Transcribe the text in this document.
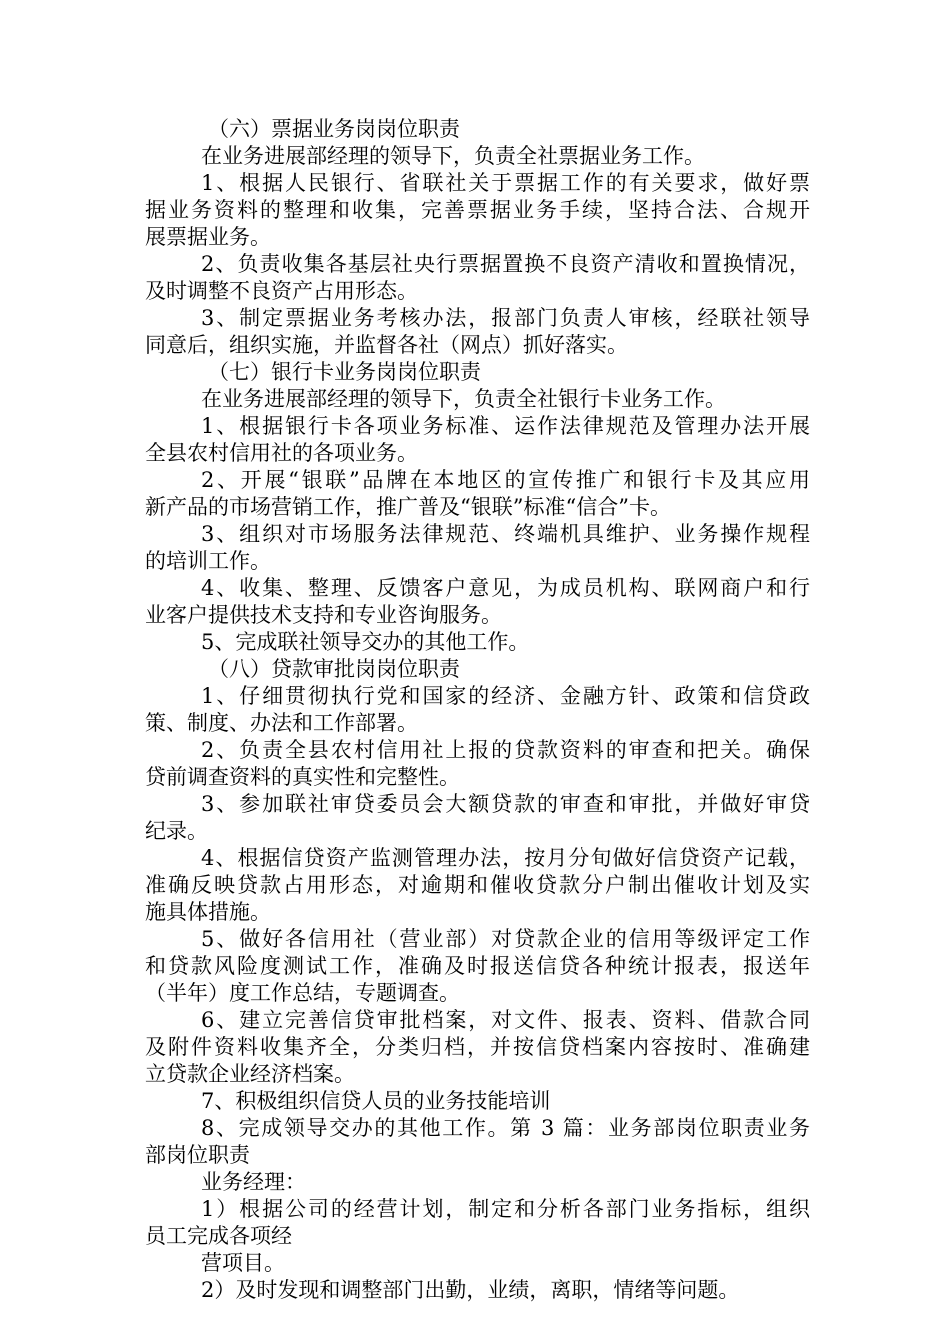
（六）票据业务岗岗位职责
在业务进展部经理的领导下，负责全社票据业务工作。
1、根据人民银行、省联社关于票据工作的有关要求，做好票
据业务资料的整理和收集，完善票据业务手续，坚持合法、合规开
展票据业务。
2、负责收集各基层社央行票据置换不良资产清收和置换情况，
及时调整不良资产占用形态。
3、制定票据业务考核办法，报部门负责人审核，经联社领导
同意后，组织实施，并监督各社（网点）抓好落实。
（七）银行卡业务岗岗位职责
在业务进展部经理的领导下，负责全社银行卡业务工作。
1、根据银行卡各项业务标准、运作法律规范及管理办法开展
全县农村信用社的各项业务。
2、开展“银联”品牌在本地区的宣传推广和银行卡及其应用
新产品的市场营销工作，推广普及“银联”标准“信合”卡。
3、组织对市场服务法律规范、终端机具维护、业务操作规程
的培训工作。
4、收集、整理、反馈客户意见，为成员机构、联网商户和行
业客户提供技术支持和专业咨询服务。
5、完成联社领导交办的其他工作。
（八）贷款审批岗岗位职责
1、仔细贯彻执行党和国家的经济、金融方针、政策和信贷政
策、制度、办法和工作部署。
2、负责全县农村信用社上报的贷款资料的审查和把关。确保
贷前调查资料的真实性和完整性。
3、参加联社审贷委员会大额贷款的审查和审批，并做好审贷
纪录。
4、根据信贷资产监测管理办法，按月分旬做好信贷资产记载，
准确反映贷款占用形态，对逾期和催收贷款分户制出催收计划及实
施具体措施。
5、做好各信用社（营业部）对贷款企业的信用等级评定工作
和贷款风险度测试工作，准确及时报送信贷各种统计报表，报送年
（半年）度工作总结，专题调查。
6、建立完善信贷审批档案，对文件、报表、资料、借款合同
及附件资料收集齐全，分类归档，并按信贷档案内容按时、准确建
立贷款企业经济档案。
7、积极组织信贷人员的业务技能培训
8、完成领导交办的其他工作。第 3 篇：业务部岗位职责业务
部岗位职责
业务经理：
1）根据公司的经营计划，制定和分析各部门业务指标，组织
员工完成各项经
营项目。
2）及时发现和调整部门出勤，业绩，离职，情绪等问题。
